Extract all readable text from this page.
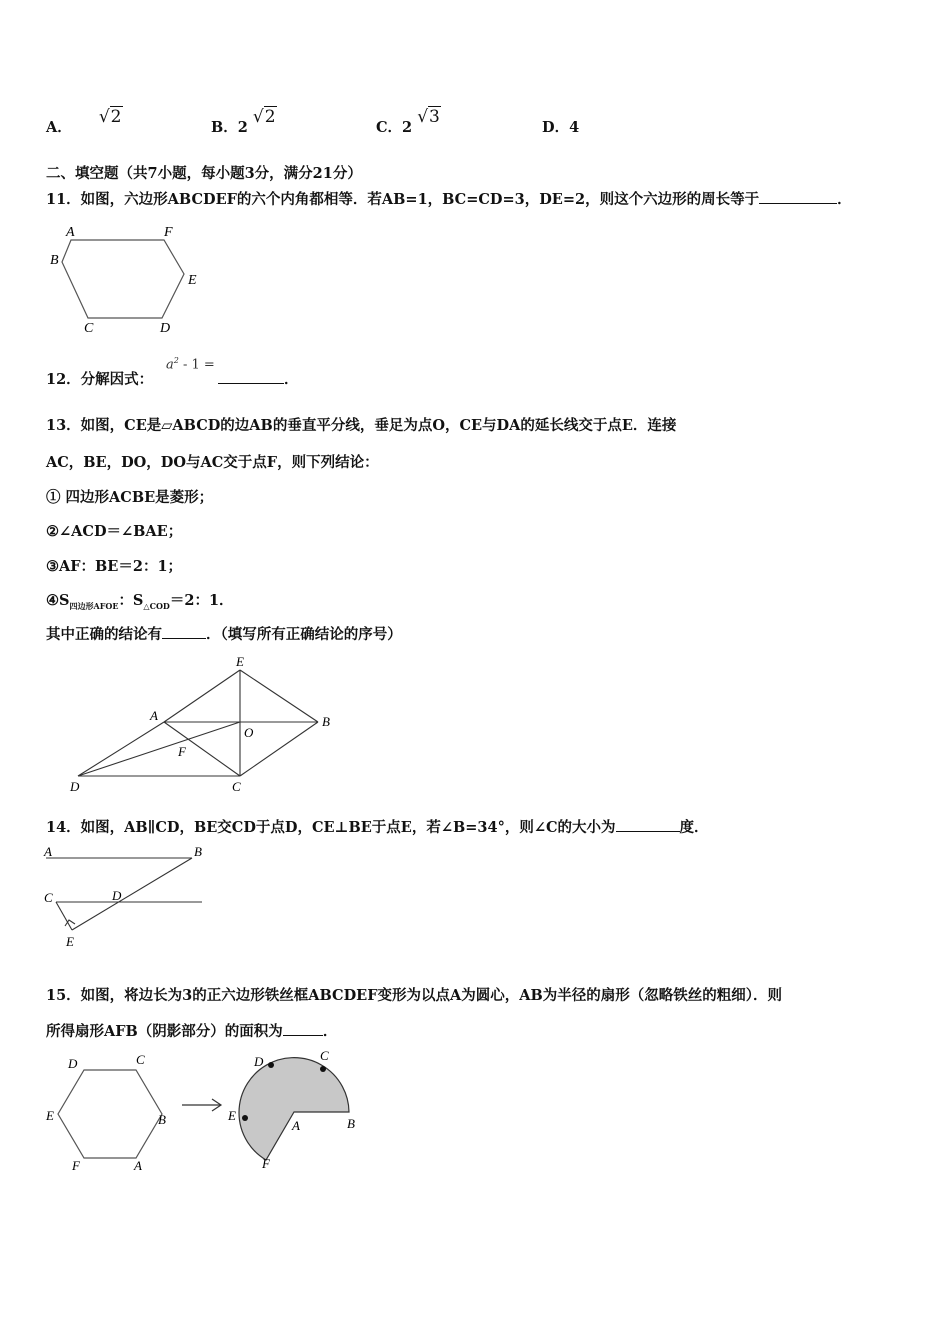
A． √2
B．2 √2
C．2 √3
D．4
二、填空题（共7小题，每小题3分，满分21分）
11．如图，六边形ABCDEF的六个内角都相等．若AB=1，BC=CD=3，DE=2，则这个六边形的周长等于	．
A	F
B
E
C	D
12．分解因式：
$a^2 - 1$ =
．
13．如图，CE是▱ABCD的边AB的垂直平分线，垂足为点O，CE与DA的延长线交于点E．连接
AC，BE，DO，DO与AC交于点F，则下列结论：
① 四边形ACBE是菱形；
②∠ACD＝∠BAE；
③AF：BE＝2：1；
$④S_{四边形AFOE}$：$S_{\triangle COD}=2$：1．
其中正确的结论有	．（填写所有正确结论的序号）
E
A
O
B
F
D	C
14．如图，AB∥CD，BE交CD于点D，CE⊥BE于点E，若∠B=34°，则∠C的大小为	度．
A	B
C	D
E
15．如图，将边长为3的正六边形铁丝框ABCDEF变形为以点A为圆心，AB为半径的扇形（忽略铁丝的粗细）．则
所得扇形AFB（阴影部分）的面积为	．
D	C
E	B
F	A
D	C
E
A	B
F
